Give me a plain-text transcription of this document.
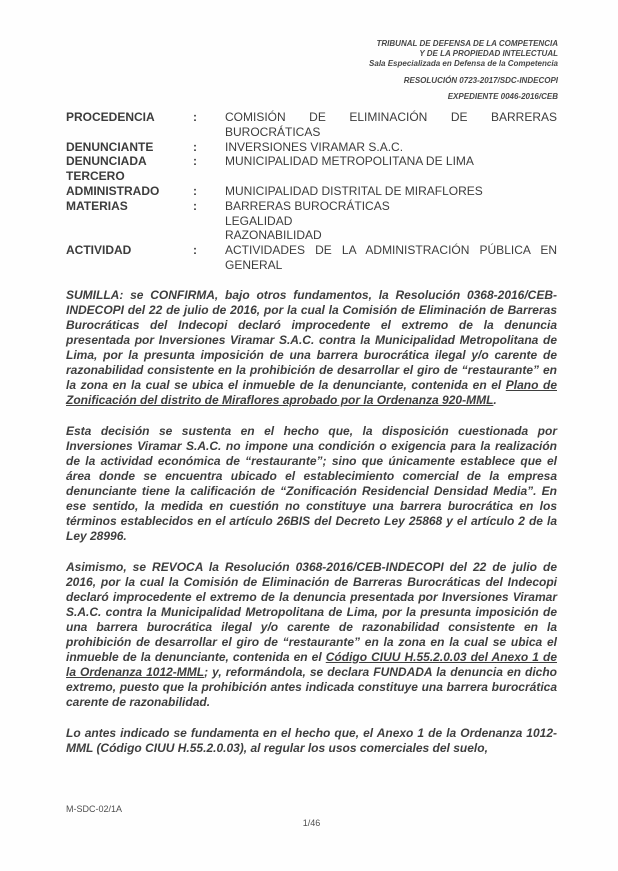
TRIBUNAL DE DEFENSA DE LA COMPETENCIA
Y DE LA PROPIEDAD INTELECTUAL
Sala Especializada en Defensa de la Competencia
RESOLUCIÓN 0723-2017/SDC-INDECOPI
EXPEDIENTE 0046-2016/CEB
PROCEDENCIA	:	COMISIÓN DE ELIMINACIÓN DE BARRERAS BUROCRÁTICAS
DENUNCIANTE	:	INVERSIONES VIRAMAR S.A.C.
DENUNCIADA	:	MUNICIPALIDAD METROPOLITANA DE LIMA
TERCERO
ADMINISTRADO	:	MUNICIPALIDAD DISTRITAL DE MIRAFLORES
MATERIAS	:	BARRERAS BUROCRÁTICAS
LEGALIDAD
RAZONABILIDAD
ACTIVIDAD	:	ACTIVIDADES DE LA ADMINISTRACIÓN PÚBLICA EN GENERAL

SUMILLA: se CONFIRMA, bajo otros fundamentos, la Resolución 0368-2016/CEB-INDECOPI del 22 de julio de 2016, por la cual la Comisión de Eliminación de Barreras Burocráticas del Indecopi declaró improcedente el extremo de la denuncia presentada por Inversiones Viramar S.A.C. contra la Municipalidad Metropolitana de Lima, por la presunta imposición de una barrera burocrática ilegal y/o carente de razonabilidad consistente en la prohibición de desarrollar el giro de “restaurante” en la zona en la cual se ubica el inmueble de la denunciante, contenida en el Plano de Zonificación del distrito de Miraflores aprobado por la Ordenanza 920-MML.

Esta decisión se sustenta en el hecho que, la disposición cuestionada por Inversiones Viramar S.A.C. no impone una condición o exigencia para la realización de la actividad económica de “restaurante”; sino que únicamente establece que el área donde se encuentra ubicado el establecimiento comercial de la empresa denunciante tiene la calificación de “Zonificación Residencial Densidad Media”. En ese sentido, la medida en cuestión no constituye una barrera burocrática en los términos establecidos en el artículo 26BIS del Decreto Ley 25868 y el artículo 2 de la Ley 28996.

Asimismo, se REVOCA la Resolución 0368-2016/CEB-INDECOPI del 22 de julio de 2016, por la cual la Comisión de Eliminación de Barreras Burocráticas del Indecopi declaró improcedente el extremo de la denuncia presentada por Inversiones Viramar S.A.C. contra la Municipalidad Metropolitana de Lima, por la presunta imposición de una barrera burocrática ilegal y/o carente de razonabilidad consistente en la prohibición de desarrollar el giro de “restaurante” en la zona en la cual se ubica el inmueble de la denunciante, contenida en el Código CIUU H.55.2.0.03 del Anexo 1 de la Ordenanza 1012-MML; y, reformándola, se declara FUNDADA la denuncia en dicho extremo, puesto que la prohibición antes indicada constituye una barrera burocrática carente de razonabilidad.

Lo antes indicado se fundamenta en el hecho que, el Anexo 1 de la Ordenanza 1012-MML (Código CIUU H.55.2.0.03), al regular los usos comerciales del suelo,

M-SDC-02/1A
1/46
